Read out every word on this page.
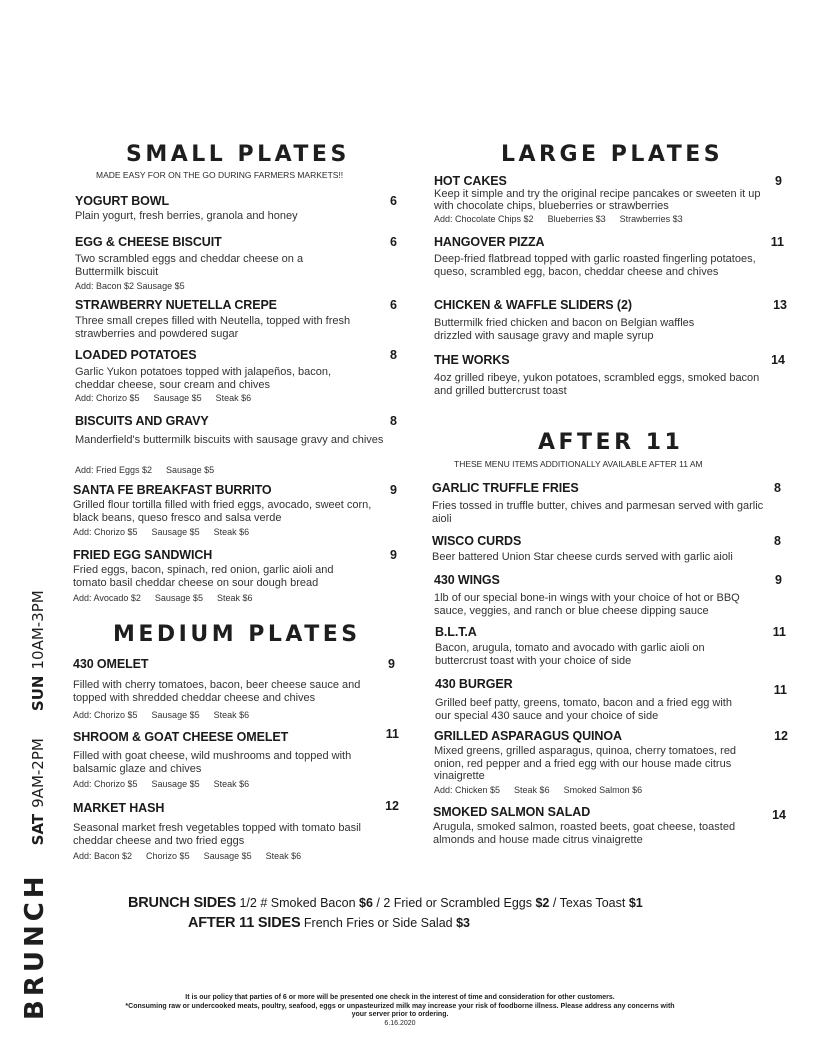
BRUNCH SAT9AM-2PM SUN10AM-3PM
SMALL PLATES
MADE EASY FOR ON THE GO DURING FARMERS MARKETS!!
YOGURT BOWL	6
Plain yogurt, fresh berries, granola and honey
EGG & CHEESE BISCUIT	6
Two scrambled eggs and cheddar cheese on a Buttermilk biscuit
Add: Bacon $2 Sausage $5
STRAWBERRY NUETELLA CREPE	6
Three small crepes filled with Neutella, topped with fresh strawberries and powdered sugar
LOADED POTATOES	8
Garlic Yukon potatoes topped with jalapeños, bacon, cheddar cheese, sour cream and chives
Add: Chorizo $5 Sausage $5 Steak $6
BISCUITS AND GRAVY	8
Manderfield's buttermilk biscuits with sausage gravy and chives
Add: Fried Eggs $2 Sausage $5
SANTA FE BREAKFAST BURRITO	9
Grilled flour tortilla filled with fried eggs, avocado, sweet corn, black beans, queso fresco and salsa verde
Add: Chorizo $5 Sausage $5 Steak $6
FRIED EGG SANDWICH	9
Fried eggs, bacon, spinach, red onion, garlic aioli and tomato basil cheddar cheese on sour dough bread
Add: Avocado $2 Sausage $5 Steak $6
MEDIUM PLATES
430 OMELET	9
Filled with cherry tomatoes, bacon, beer cheese sauce and topped with shredded cheddar cheese and chives
Add: Chorizo $5 Sausage $5 Steak $6
SHROOM & GOAT CHEESE OMELET	11
Filled with goat cheese, wild mushrooms and topped with balsamic glaze and chives
Add: Chorizo $5 Sausage $5 Steak $6
MARKET HASH	12
Seasonal market fresh vegetables topped with tomato basil cheddar cheese and two fried eggs
Add: Bacon $2 Chorizo $5 Sausage $5 Steak $6
LARGE PLATES
HOT CAKES	9
Keep it simple and try the original recipe pancakes or sweeten it up with chocolate chips, blueberries or strawberries
Add: Chocolate Chips $2 Blueberries $3 Strawberries $3
HANGOVER PIZZA	11
Deep-fried flatbread topped with garlic roasted fingerling potatoes, queso, scrambled egg, bacon, cheddar cheese and chives
CHICKEN & WAFFLE SLIDERS (2)	13
Buttermilk fried chicken and bacon on Belgian waffles drizzled with sausage gravy and maple syrup
THE WORKS	14
4oz grilled ribeye, yukon potatoes, scrambled eggs, smoked bacon and grilled buttercrust toast
AFTER 11
THESE MENU ITEMS ADDITIONALLY AVAILABLE AFTER 11 AM
GARLIC TRUFFLE FRIES	8
Fries tossed in truffle butter, chives and parmesan served with garlic aioli
WISCO CURDS	8
Beer battered Union Star cheese curds served with garlic aioli
430 WINGS	9
1lb of our special bone-in wings with your choice of hot or BBQ sauce, veggies, and ranch or blue cheese dipping sauce
B.L.T.A	11
Bacon, arugula, tomato and avocado with garlic aioli on buttercrust toast with your choice of side
430 BURGER	11
Grilled beef patty, greens, tomato, bacon and a fried egg with our special 430 sauce and your choice of side
GRILLED ASPARAGUS QUINOA	12
Mixed greens, grilled asparagus, quinoa, cherry tomatoes, red onion, red pepper and a fried egg with our house made citrus vinaigrette
Add: Chicken $5 Steak $6 Smoked Salmon $6
SMOKED SALMON SALAD	14
Arugula, smoked salmon, roasted beets, goat cheese, toasted almonds and house made citrus vinaigrette
BRUNCH SIDES 1/2 # Smoked Bacon $6 / 2 Fried or Scrambled Eggs $2 / Texas Toast $1
AFTER 11 SIDES French Fries or Side Salad $3
It is our policy that parties of 6 or more will be presented one check in the interest of time and consideration for other customers.
*Consuming raw or undercooked meats, poultry, seafood, eggs or unpasteurized milk may increase your risk of foodborne illness. Please address any concerns with
your server prior to ordering.
6.16.2020
